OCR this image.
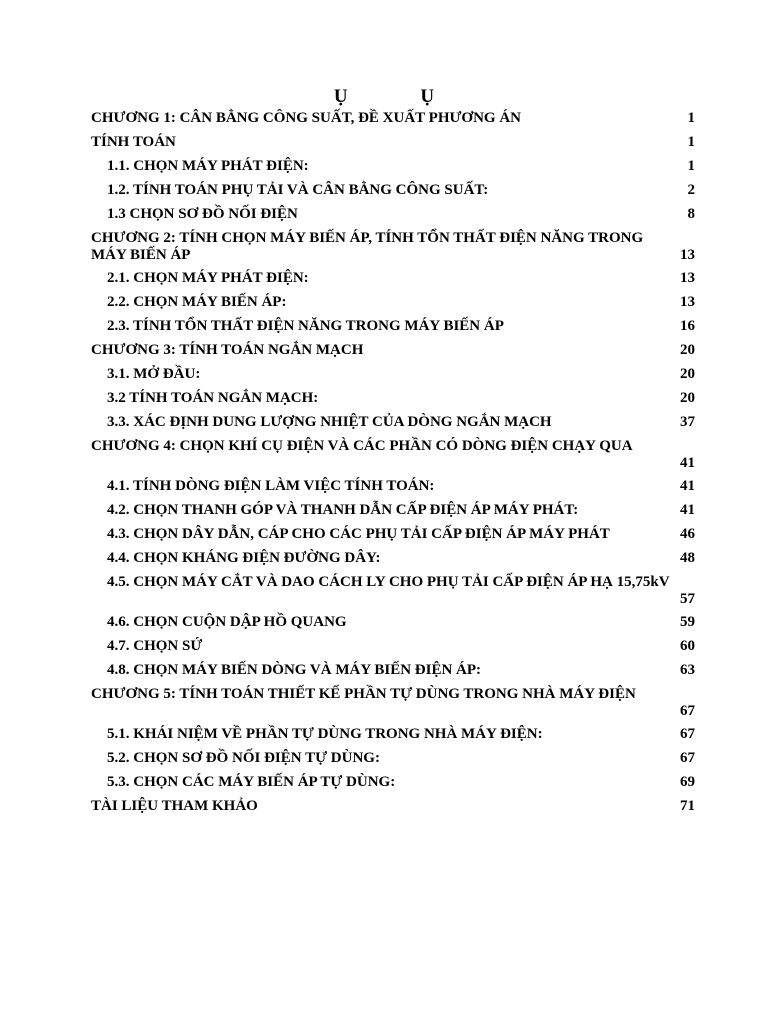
Ụ Ụ
CHƯƠNG 1: CÂN BẰNG CÔNG SUẤT, ĐỀ XUẤT PHƯƠNG ÁN	1
TÍNH TOÁN	1
1.1. CHỌN MÁY PHÁT ĐIỆN:	1
1.2. TÍNH TOÁN PHỤ TẢI VÀ CÂN BẰNG CÔNG SUẤT:	2
1.3 CHỌN SƠ ĐỒ NỐI ĐIỆN	8
CHƯƠNG 2: TÍNH CHỌN MÁY BIẾN ÁP, TÍNH TỔN THẤT ĐIỆN NĂNG TRONG MÁY BIẾN ÁP	13
2.1. CHỌN MÁY PHÁT ĐIỆN:	13
2.2. CHỌN MÁY BIẾN ÁP:	13
2.3. TÍNH TỔN THẤT ĐIỆN NĂNG TRONG MÁY BIẾN ÁP	16
CHƯƠNG 3: TÍNH TOÁN NGẮN MẠCH	20
3.1. MỞ ĐẦU:	20
3.2 TÍNH TOÁN NGẮN MẠCH:	20
3.3. XÁC ĐỊNH DUNG LƯỢNG NHIỆT CỦA DÒNG NGẮN MẠCH	37
CHƯƠNG 4: CHỌN KHÍ CỤ ĐIỆN VÀ CÁC PHẦN CÓ DÒNG ĐIỆN CHẠY QUA
41
4.1. TÍNH DÒNG ĐIỆN LÀM VIỆC TÍNH TOÁN:	41
4.2. CHỌN THANH GÓP VÀ THANH DẪN CẤP ĐIỆN ÁP MÁY PHÁT:	41
4.3. CHỌN DÂY DẪN, CÁP CHO CÁC PHỤ TẢI CẤP ĐIỆN ÁP MÁY PHÁT	46
4.4. CHỌN KHÁNG ĐIỆN ĐƯỜNG DÂY:	48
4.5. CHỌN MÁY CẮT VÀ DAO CÁCH LY CHO PHỤ TẢI CẤP ĐIỆN ÁP HẠ 15,75kV
57
4.6. CHỌN CUỘN DẬP HỒ QUANG	59
4.7. CHỌN SỨ	60
4.8. CHỌN MÁY BIẾN DÒNG VÀ MÁY BIẾN ĐIỆN ÁP:	63
CHƯƠNG 5: TÍNH TOÁN THIẾT KẾ PHẦN TỰ DÙNG TRONG NHÀ MÁY ĐIỆN
67
5.1. KHÁI NIỆM VỀ PHẦN TỰ DÙNG TRONG NHÀ MÁY ĐIỆN:	67
5.2. CHỌN SƠ ĐỒ NỐI ĐIỆN TỰ DÙNG:	67
5.3. CHỌN CÁC MÁY BIẾN ÁP TỰ DÙNG:	69
TÀI LIỆU THAM KHẢO	71
